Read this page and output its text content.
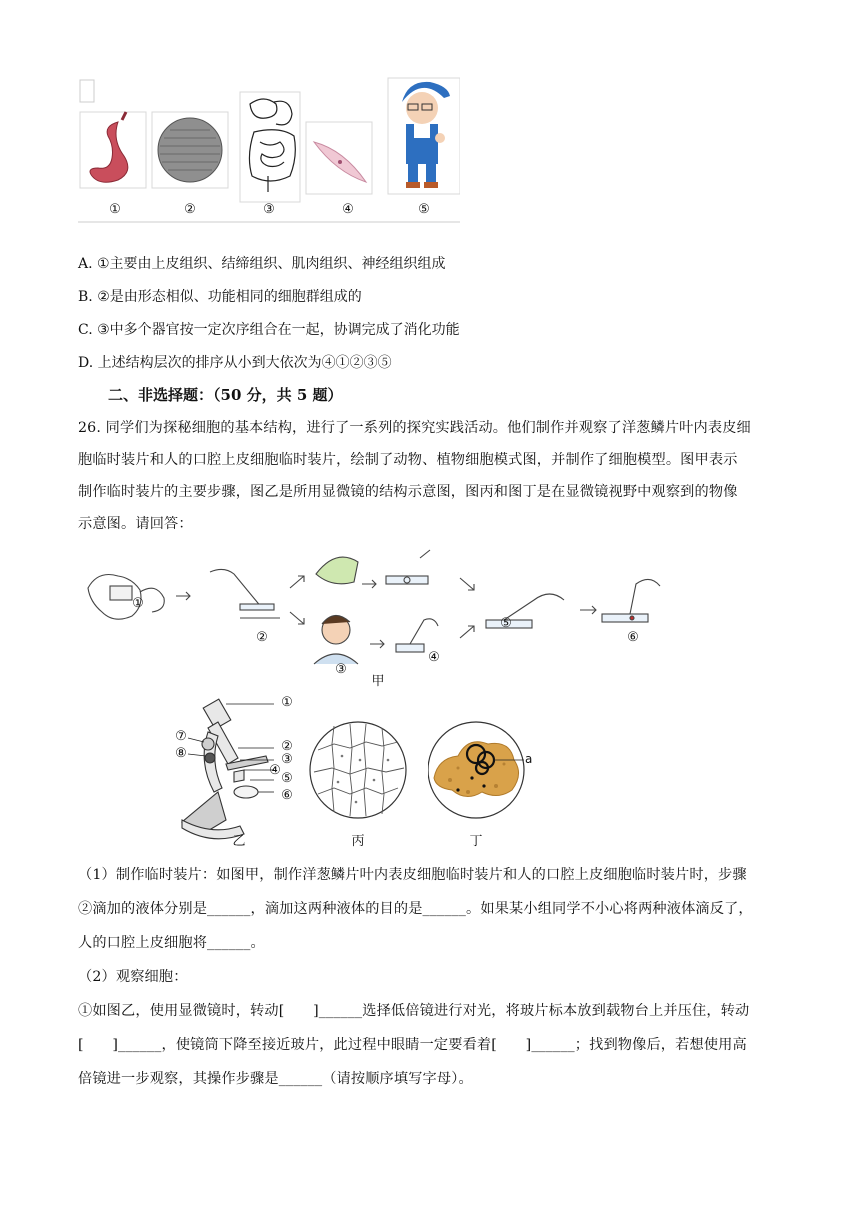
①	②	③	④	⑤
A. ①主要由上皮组织、结缔组织、肌肉组织、神经组织组成
B. ②是由形态相似、功能相同的细胞群组成的
C. ③中多个器官按一定次序组合在一起，协调完成了消化功能
D. 上述结构层次的排序从小到大依次为④①②③⑤
二、非选择题：（50 分，共 5 题）
26. 同学们为探秘细胞的基本结构，进行了一系列的探究实践活动。他们制作并观察了洋葱鳞片叶内表皮细
胞临时装片和人的口腔上皮细胞临时装片，绘制了动物、植物细胞模式图，并制作了细胞模型。图甲表示
制作临时装片的主要步骤，图乙是所用显微镜的结构示意图，图丙和图丁是在显微镜视野中观察到的物像
示意图。请回答：
①
②
③
④
⑤
⑥
甲
①
②
③
④
⑤
⑥
⑦
⑧
乙	丙
a
丁
（1）制作临时装片：如图甲，制作洋葱鳞片叶内表皮细胞临时装片和人的口腔上皮细胞临时装片时，步骤
②滴加的液体分别是______，滴加这两种液体的目的是______。如果某小组同学不小心将两种液体滴反了，
人的口腔上皮细胞将______。
（2）观察细胞：
①如图乙，使用显微镜时，转动[　　]______选择低倍镜进行对光，将玻片标本放到载物台上并压住，转动
[　　]______，使镜筒下降至接近玻片，此过程中眼睛一定要看着[　　]______；找到物像后，若想使用高
倍镜进一步观察，其操作步骤是______（请按顺序填写字母）。
